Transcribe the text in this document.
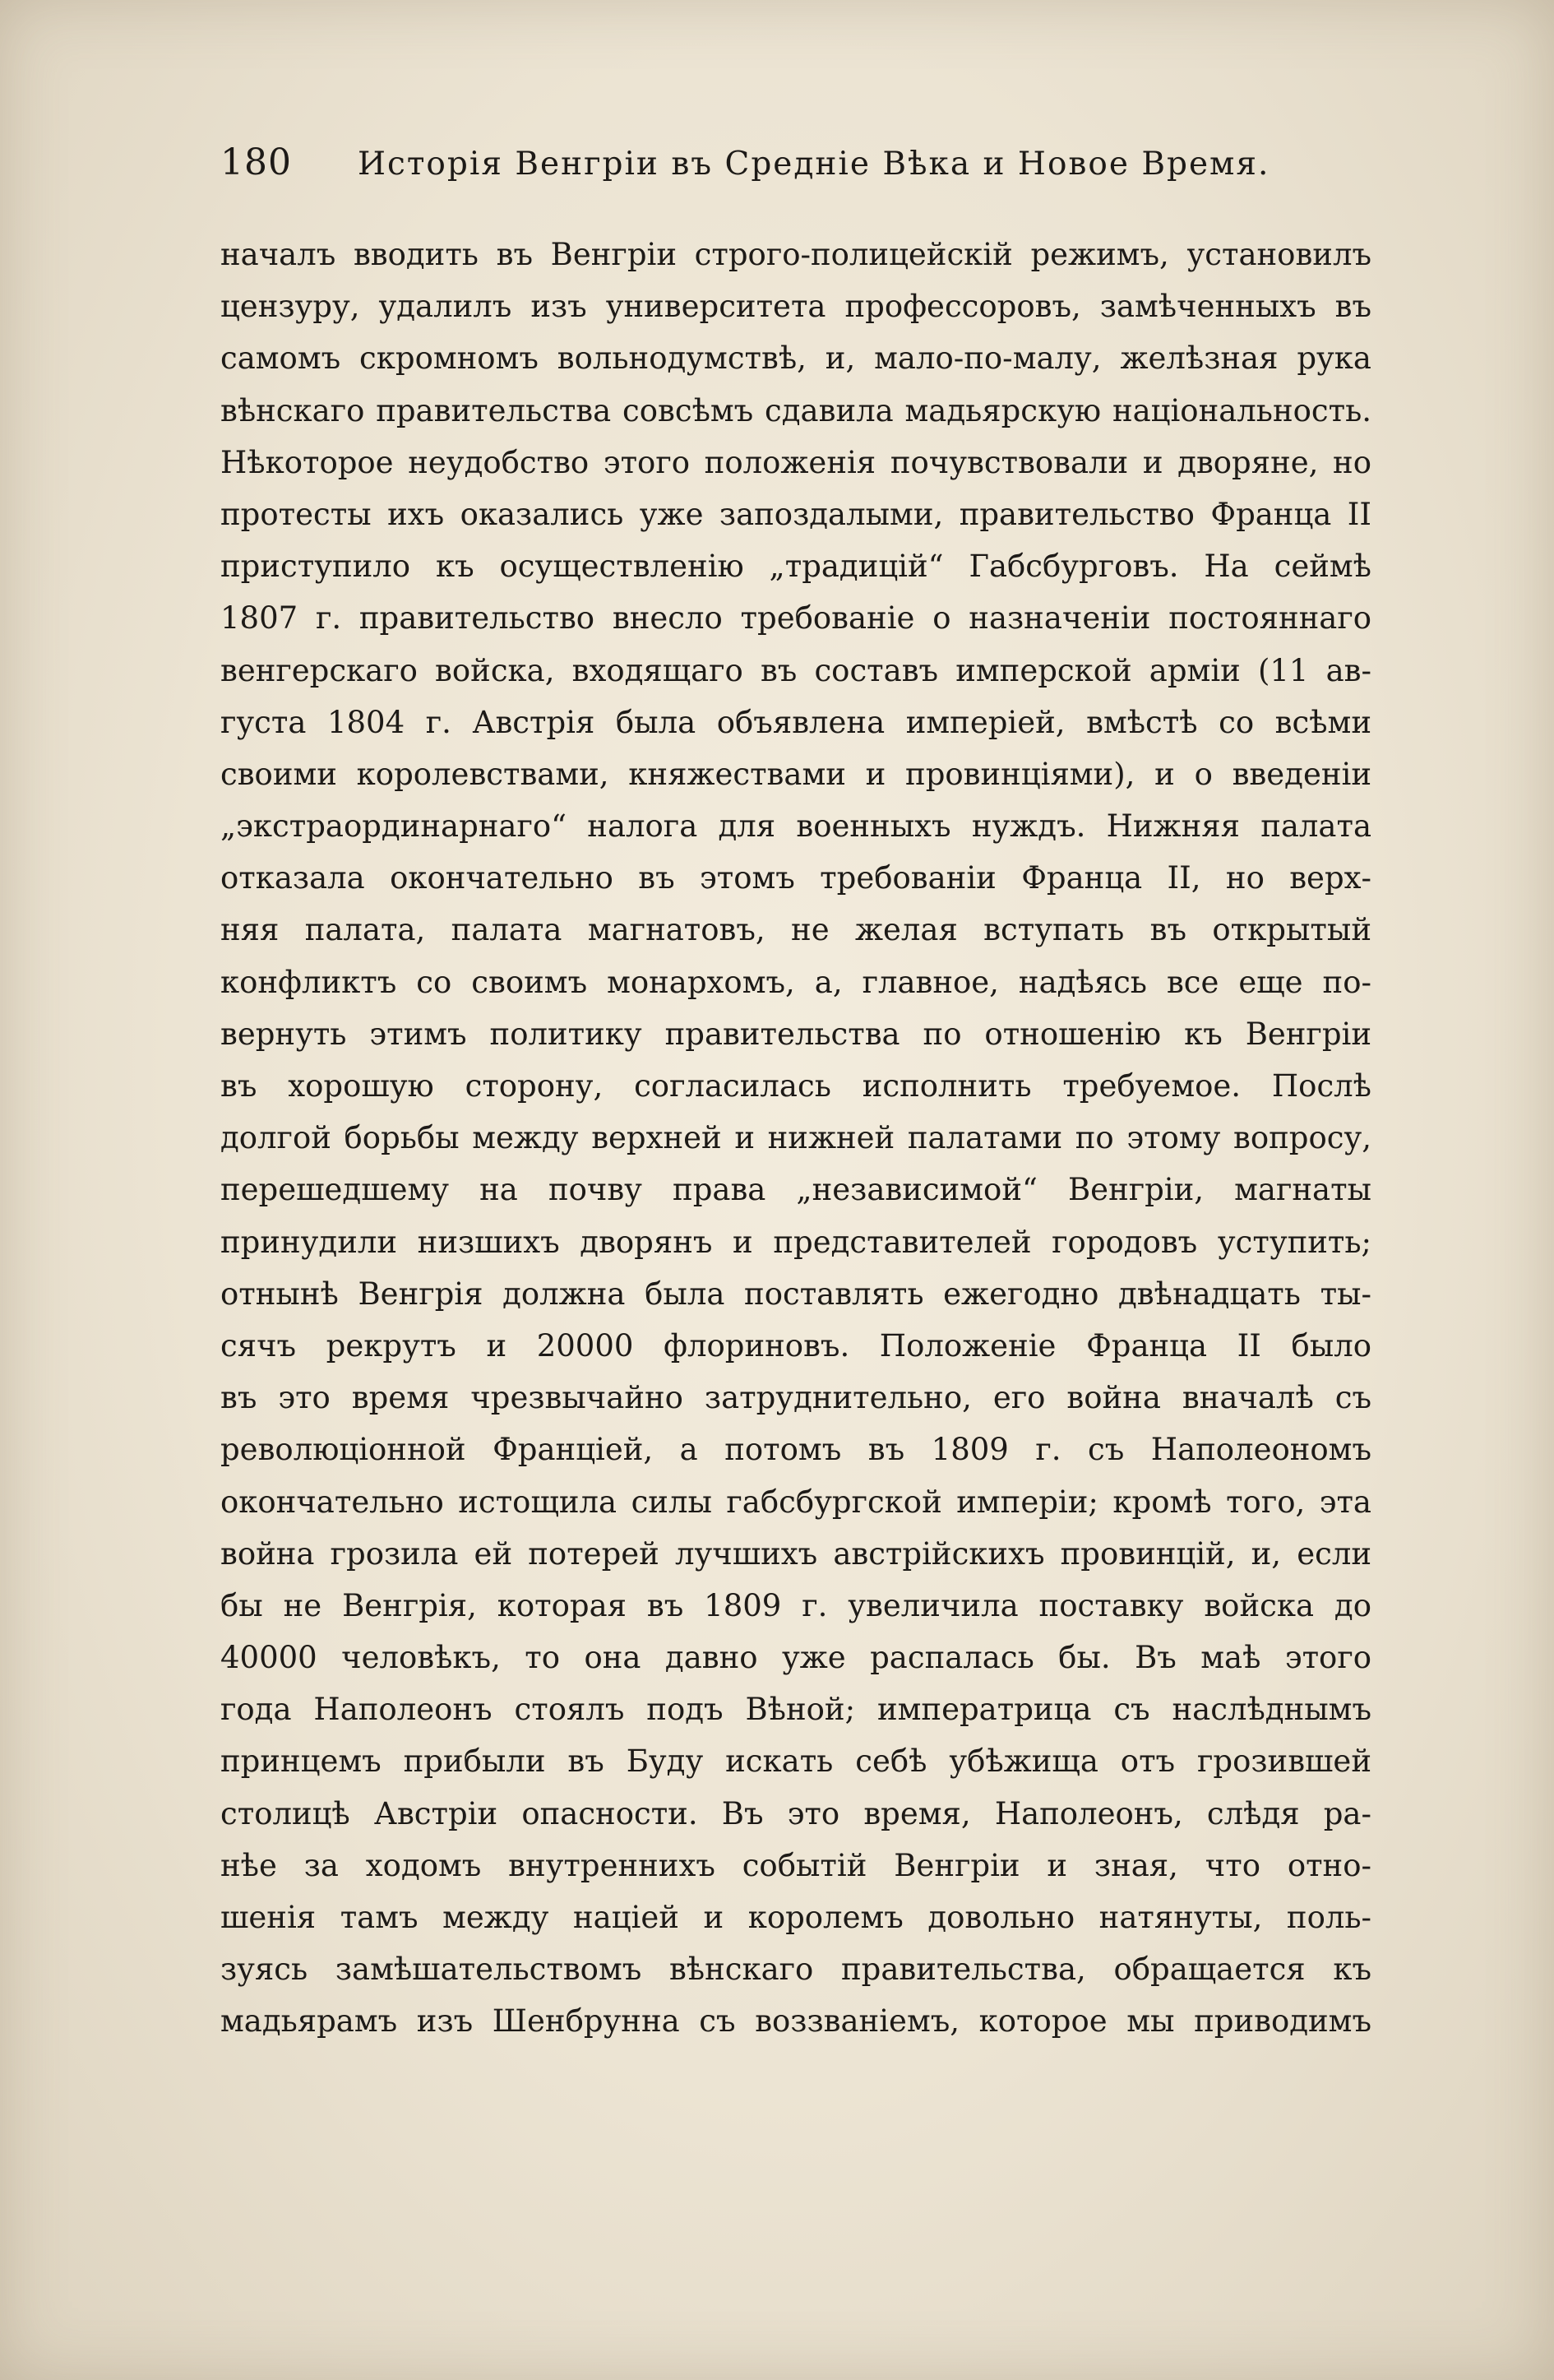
180 Исторія Венгріи въ Средніе Вѣка и Новое Время.
началъ вводить въ Венгріи строго-полицейскій режимъ, установилъ
цензуру, удалилъ изъ университета профессоровъ, замѣченныхъ въ
самомъ скромномъ вольнодумствѣ, и, мало-по-малу, желѣзная рука
вѣнскаго правительства совсѣмъ сдавила мадьярскую національность.
Нѣкоторое неудобство этого положенія почувствовали и дворяне, но
протесты ихъ оказались уже запоздалыми, правительство Франца II
приступило къ осуществленію „традицій“ Габсбурговъ. На сеймѣ
1807 г. правительство внесло требованіе о назначеніи постояннаго
венгерскаго войска, входящаго въ составъ имперской арміи (11 ав-
густа 1804 г. Австрія была объявлена имперіей, вмѣстѣ со всѣми
своими королевствами, княжествами и провинціями), и о введеніи
„экстраординарнаго“ налога для военныхъ нуждъ. Нижняя палата
отказала окончательно въ этомъ требованіи Франца II, но верх-
няя палата, палата магнатовъ, не желая вступать въ открытый
конфликтъ со своимъ монархомъ, а, главное, надѣясь все еще по-
вернуть этимъ политику правительства по отношенію къ Венгріи
въ хорошую сторону, согласилась исполнить требуемое. Послѣ
долгой борьбы между верхней и нижней палатами по этому вопросу,
перешедшему на почву права „независимой“ Венгріи, магнаты
принудили низшихъ дворянъ и представителей городовъ уступить;
отнынѣ Венгрія должна была поставлять ежегодно двѣнадцать ты-
сячъ рекрутъ и 20000 флориновъ. Положеніе Франца II было
въ это время чрезвычайно затруднительно, его война вначалѣ съ
революціонной Франціей, а потомъ въ 1809 г. съ Наполеономъ
окончательно истощила силы габсбургской имперіи; кромѣ того, эта
война грозила ей потерей лучшихъ австрійскихъ провинцій, и, если
бы не Венгрія, которая въ 1809 г. увеличила поставку войска до
40000 человѣкъ, то она давно уже распалась бы. Въ маѣ этого
года Наполеонъ стоялъ подъ Вѣной; императрица съ наслѣднымъ
принцемъ прибыли въ Буду искать себѣ убѣжища отъ грозившей
столицѣ Австріи опасности. Въ это время, Наполеонъ, слѣдя ра-
нѣе за ходомъ внутреннихъ событій Венгріи и зная, что отно-
шенія тамъ между націей и королемъ довольно натянуты, поль-
зуясь замѣшательствомъ вѣнскаго правительства, обращается къ
мадьярамъ изъ Шенбрунна съ воззваніемъ, которое мы приводимъ
